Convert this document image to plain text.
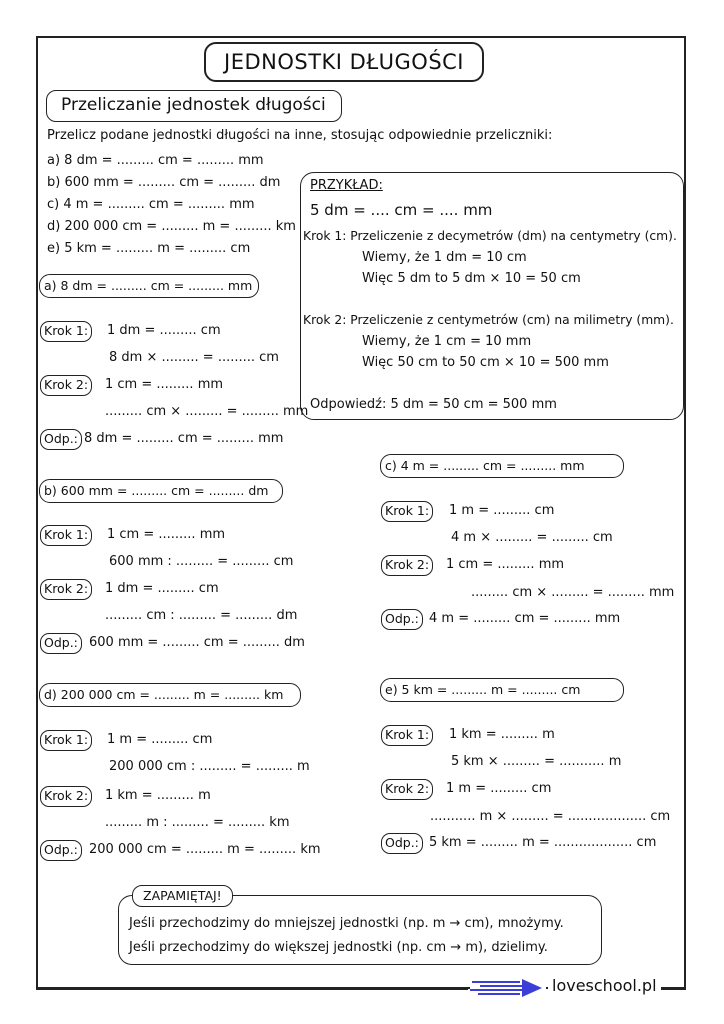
JEDNOSTKI DŁUGOŚCI
Przeliczanie jednostek długości
Przelicz podane jednostki długości na inne, stosując odpowiednie przeliczniki:
a) 8 dm = ......... cm = ......... mm
b) 600 mm = ......... cm = ......... dm
c) 4 m = ......... cm = ......... mm
d) 200 000 cm = ......... m = ......... km
e) 5 km = ......... m = ......... cm
PRZYKŁAD:
5 dm = .... cm = .... mm
Krok 1: Przeliczenie z decymetrów (dm) na centymetry (cm).
Wiemy, że 1 dm = 10 cm
Więc 5 dm to 5 dm × 10 = 50 cm
Krok 2: Przeliczenie z centymetrów (cm) na milimetry (mm).
Wiemy, że 1 cm = 10 mm
Więc 50 cm to 50 cm × 10 = 500 mm
Odpowiedź: 5 dm = 50 cm = 500 mm
a) 8 dm = ......... cm = ......... mm
Krok 1:	1 dm = ......... cm
8 dm × ......... = ......... cm
Krok 2:	1 cm = ......... mm
......... cm × ......... = ......... mm
Odp.: 8 dm = ......... cm = ......... mm
b) 600 mm = ......... cm = ......... dm
Krok 1:	1 cm = ......... mm
600 mm : ......... = ......... cm
Krok 2:	1 dm = ......... cm
......... cm : ......... = ......... dm
Odp.: 600 mm = ......... cm = ......... dm
d) 200 000 cm = ......... m = ......... km
Krok 1:	1 m = ......... cm
200 000 cm : ......... = ......... m
Krok 2:	1 km = ......... m
......... m : ......... = ......... km
Odp.: 200 000 cm = ......... m = ......... km
c) 4 m = ......... cm = ......... mm
Krok 1:	1 m = ......... cm
4 m × ......... = ......... cm
Krok 2:	1 cm = ......... mm
......... cm × ......... = ......... mm
Odp.: 4 m = ......... cm = ......... mm
e) 5 km = ......... m = ......... cm
Krok 1:	1 km = ......... m
5 km × ......... = ........... m
Krok 2:	1 m = ......... cm
........... m × ......... = ................... cm
Odp.: 5 km = ......... m = ................... cm
ZAPAMIĘTAJ!
Jeśli przechodzimy do mniejszej jednostki (np. m → cm), mnożymy.
Jeśli przechodzimy do większej jednostki (np. cm → m), dzielimy.
loveschool.pl
